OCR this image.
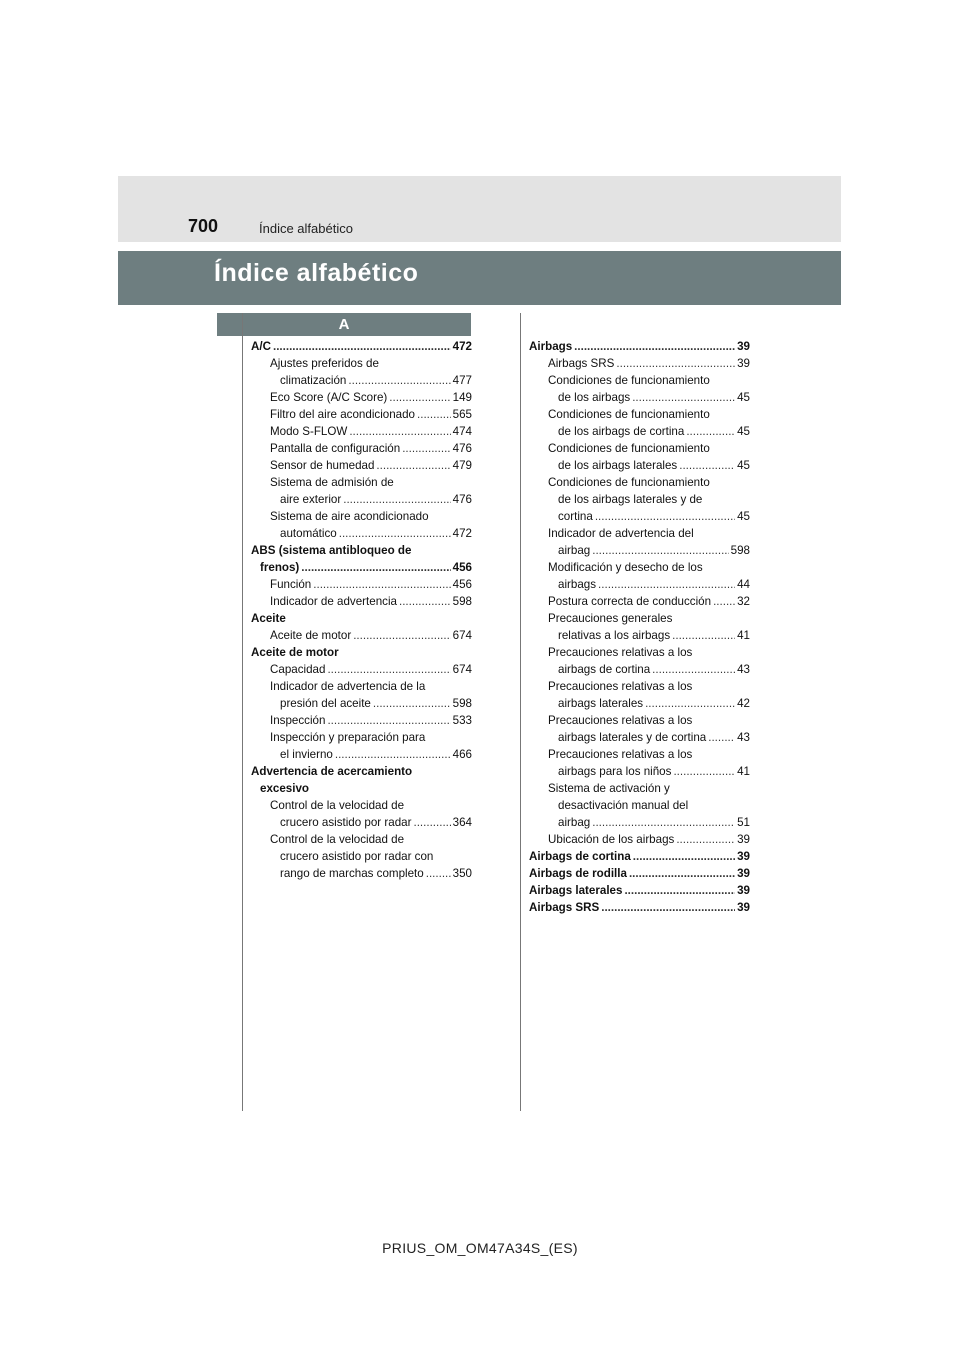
700	Índice alfabético
Índice alfabético
A
A/C .....	472
Ajustes preferidos de
climatización .....	477
Eco Score (A/C Score) .....	149
Filtro del aire acondicionado .....	565
Modo S-FLOW .....	474
Pantalla de configuración .....	476
Sensor de humedad .....	479
Sistema de admisión de
aire exterior .....	476
Sistema de aire acondicionado
automático .....	472
ABS (sistema antibloqueo de
frenos) .....	456
Función .....	456
Indicador de advertencia .....	598
Aceite
Aceite de motor .....	674
Aceite de motor
Capacidad .....	674
Indicador de advertencia de la
presión del aceite .....	598
Inspección .....	533
Inspección y preparación para
el invierno .....	466
Advertencia de acercamiento
excesivo
Control de la velocidad de
crucero asistido por radar .....	364
Control de la velocidad de
crucero asistido por radar con
rango de marchas completo ..... 350
Airbags .....	39
Airbags SRS .....	39
Condiciones de funcionamiento
de los airbags .....	45
Condiciones de funcionamiento
de los airbags de cortina .....	45
Condiciones de funcionamiento
de los airbags laterales .....	45
Condiciones de funcionamiento
de los airbags laterales y de
cortina .....	45
Indicador de advertencia del
airbag .....	598
Modificación y desecho de los
airbags .....	44
Postura correcta de conducción ..... 32
Precauciones generales
relativas a los airbags .....	41
Precauciones relativas a los
airbags de cortina .....	43
Precauciones relativas a los
airbags laterales .....	42
Precauciones relativas a los
airbags laterales y de cortina .....	43
Precauciones relativas a los
airbags para los niños .....	41
Sistema de activación y
desactivación manual del
airbag .....	51
Ubicación de los airbags .....	39
Airbags de cortina .....	39
Airbags de rodilla .....	39
Airbags laterales .....	39
Airbags SRS .....	39
PRIUS_OM_OM47A34S_(ES)
